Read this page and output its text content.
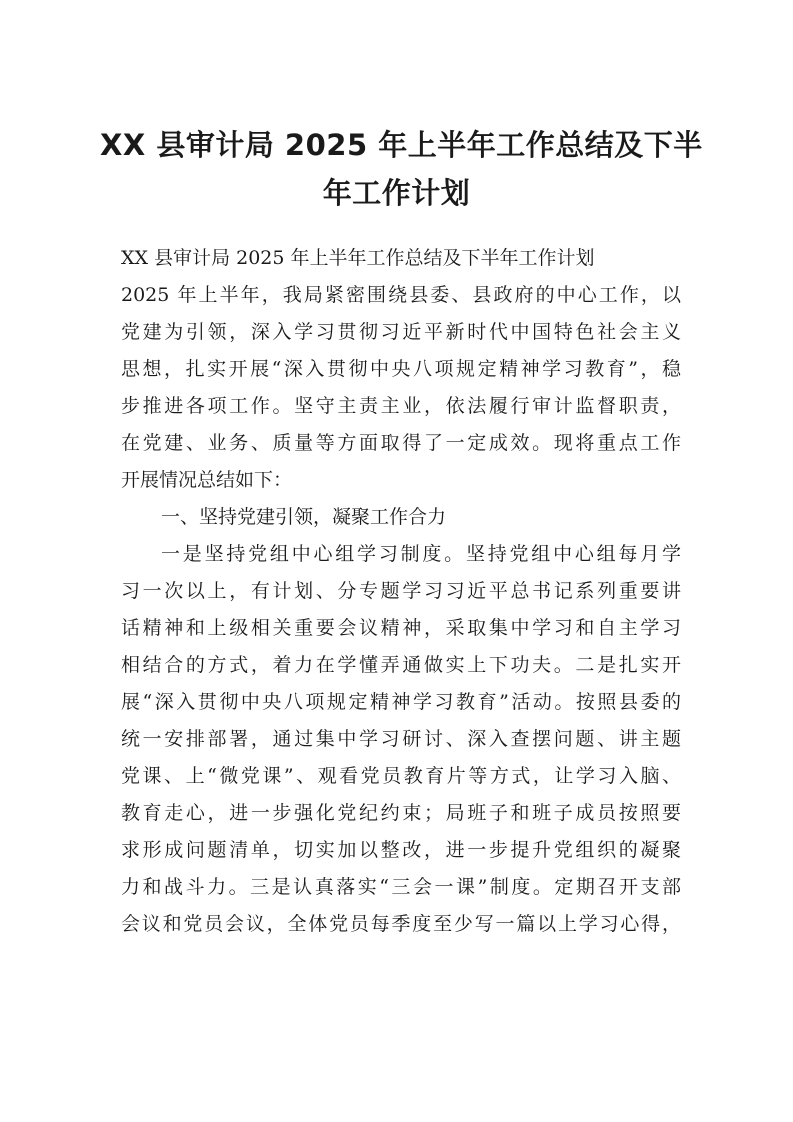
XX 县审计局 2025 年上半年工作总结及下半
年工作计划
XX 县审计局 2025 年上半年工作总结及下半年工作计划
2025 年上半年，我局紧密围绕县委、县政府的中心工作，以
党建为引领，深入学习贯彻习近平新时代中国特色社会主义
思想，扎实开展“深入贯彻中央八项规定精神学习教育”，稳
步推进各项工作。坚守主责主业，依法履行审计监督职责，
在党建、业务、质量等方面取得了一定成效。现将重点工作
开展情况总结如下：
一、坚持党建引领，凝聚工作合力
一是坚持党组中心组学习制度。坚持党组中心组每月学
习一次以上，有计划、分专题学习习近平总书记系列重要讲
话精神和上级相关重要会议精神，采取集中学习和自主学习
相结合的方式，着力在学懂弄通做实上下功夫。二是扎实开
展“深入贯彻中央八项规定精神学习教育”活动。按照县委的
统一安排部署，通过集中学习研讨、深入查摆问题、讲主题
党课、上“微党课”、观看党员教育片等方式，让学习入脑、
教育走心，进一步强化党纪约束；局班子和班子成员按照要
求形成问题清单，切实加以整改，进一步提升党组织的凝聚
力和战斗力。三是认真落实“三会一课”制度。定期召开支部
会议和党员会议，全体党员每季度至少写一篇以上学习心得，
